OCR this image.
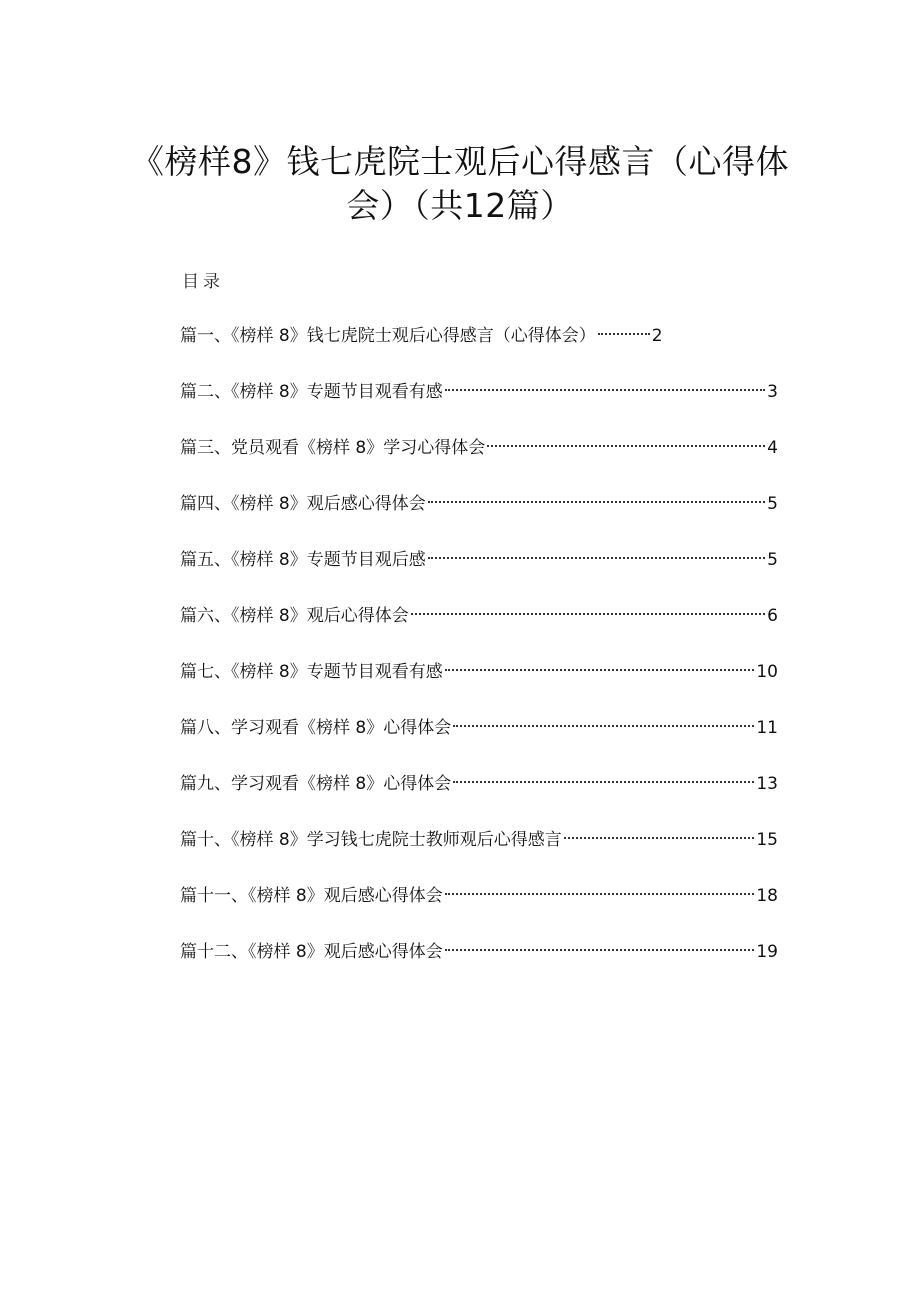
《榜样8》钱七虎院士观后心得感言（心得体会）（共12篇）
目录
篇一、《榜样 8》钱七虎院士观后心得感言（心得体会）	2
篇二、《榜样 8》专题节目观看有感	3
篇三、党员观看《榜样 8》学习心得体会	4
篇四、《榜样 8》观后感心得体会	5
篇五、《榜样 8》专题节目观后感	5
篇六、《榜样 8》观后心得体会	6
篇七、《榜样 8》专题节目观看有感	10
篇八、学习观看《榜样 8》心得体会	11
篇九、学习观看《榜样 8》心得体会	13
篇十、《榜样 8》学习钱七虎院士教师观后心得感言	15
篇十一、《榜样 8》观后感心得体会	18
篇十二、《榜样 8》观后感心得体会	19
